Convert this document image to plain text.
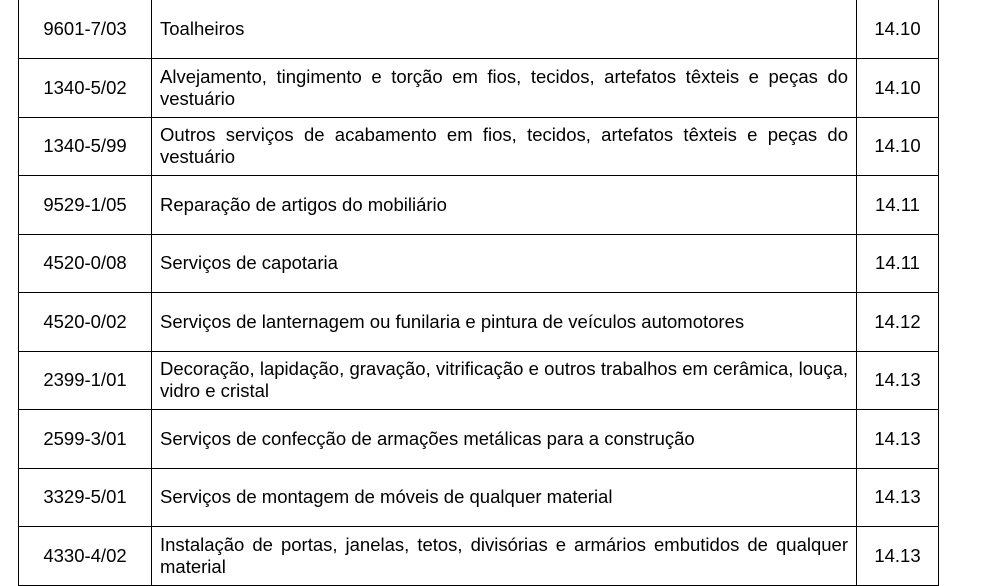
9601-7/03	Toalheiros	14.10
1340-5/02	Alvejamento, tingimento e torção em fios, tecidos, artefatos têxteis e peças do vestuário	14.10
1340-5/99	Outros serviços de acabamento em fios, tecidos, artefatos têxteis e peças do vestuário	14.10
9529-1/05	Reparação de artigos do mobiliário	14.11
4520-0/08	Serviços de capotaria	14.11
4520-0/02	Serviços de lanternagem ou funilaria e pintura de veículos automotores	14.12
2399-1/01	Decoração, lapidação, gravação, vitrificação e outros trabalhos em cerâmica, louça, vidro e cristal	14.13
2599-3/01	Serviços de confecção de armações metálicas para a construção	14.13
3329-5/01	Serviços de montagem de móveis de qualquer material	14.13
4330-4/02	Instalação de portas, janelas, tetos, divisórias e armários embutidos de qualquer material	14.13
